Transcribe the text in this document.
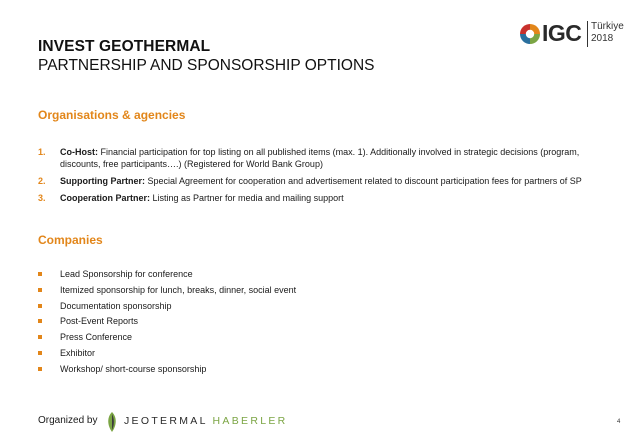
INVEST GEOTHERMAL
PARTNERSHIP AND SPONSORSHIP OPTIONS
IGC Türkiye
2018
Organisations & agencies
1. Co-Host: Financial participation for top listing on all published items (max. 1). Additionally involved in strategic decisions (program, discounts, free participants….) (Registered for World Bank Group)
2. Supporting Partner: Special Agreement for cooperation and advertisement related to discount participation fees for partners of SP
3. Cooperation Partner: Listing as Partner for media and mailing support
Companies
Lead Sponsorship for conference
Itemized sponsorship for lunch, breaks, dinner, social event
Documentation sponsorship
Post-Event Reports
Press Conference
Exhibitor
Workshop/ short-course sponsorship
Organized by	JEOTERMAL HABERLER	4
